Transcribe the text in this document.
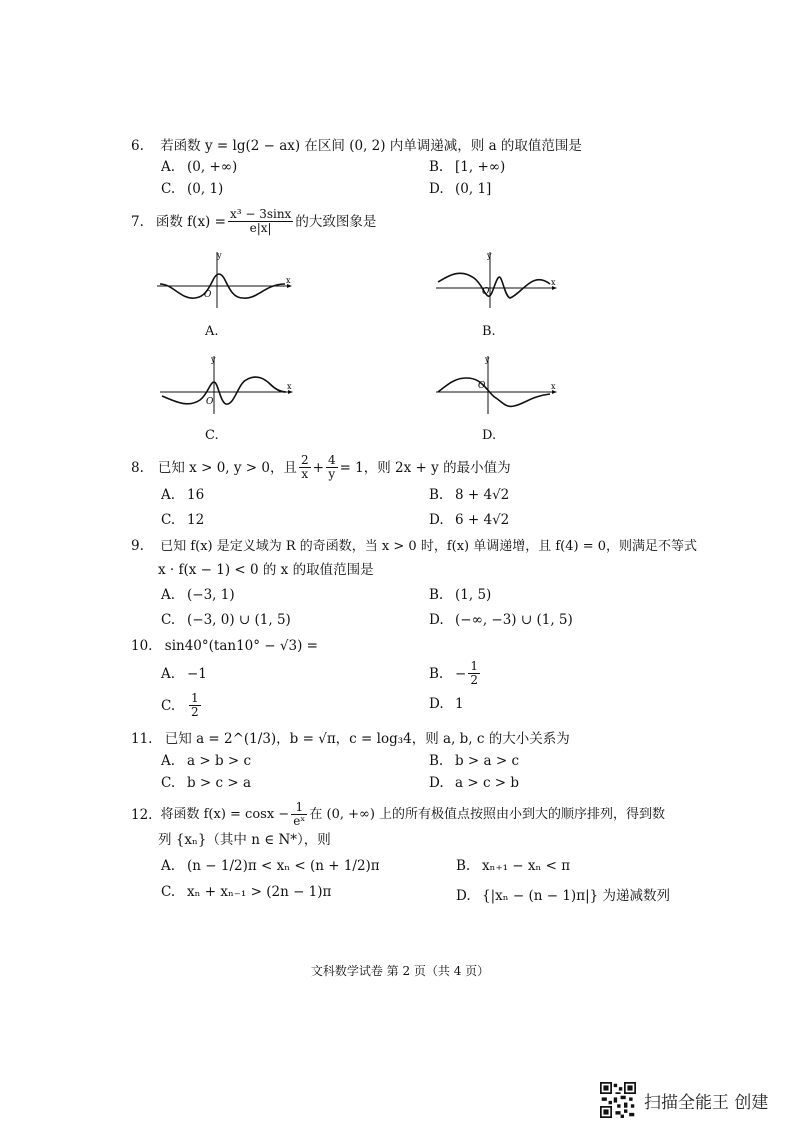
6. 若函数 y = lg(2 − ax) 在区间 (0, 2) 内单调递减，则 a 的取值范围是
A. (0, +∞)	B. [1, +∞)
C. (0, 1)	D. (0, 1]
7. 函数 $f(x) = \frac{\text{x³ − 3sinx}}{e|x|}$ 的大致图象是
y
x
O
A.
y
x
O
B.
y
x
O
C.
y
x
O
D.
8. 已知 x > 0, y > 0，且 $\frac{2}{x} + \frac{4}{y} = 1$，则 2x + y 的最小值为
A. 16	B. 8 + 4√2
C. 12	D. 6 + 4√2
9. 已知 f(x) 是定义域为 R 的奇函数，当 x > 0 时，f(x) 单调递增，且 f(4) = 0，则满足不等式
x · f(x − 1) < 0 的 x 的取值范围是
A. (−3, 1)	B. (1, 5)
C. (−3, 0) ∪ (1, 5)	D. (−∞, −3) ∪ (1, 5)
10. sin40°(tan10° − √3) =
A. −1	B. − $\frac{1}{2}$
C.	$\frac{1}{2}$	D. 1
11. 已知 a = 2^(1/3)，b = √π，c = log₃4，则 a, b, c 的大小关系为
A. a > b > c	B. b > a > c
C. b > c > a	D. a > c > b
12. 将函数 $f(x) = \cos x - \frac{1}{\text{eˣ}}$ 在 (0, +∞) 上的所有极值点按照由小到大的顺序排列，得到数
列 {xₙ}（其中 n ∈ N*），则
A. (n − 1/2)π < xₙ < (n + 1/2)π	B. xₙ₊₁ − xₙ < π
C. xₙ + xₙ₋₁ > (2n − 1)π	D. {|xₙ − (n − 1)π|} 为递减数列
文科数学试卷 第 2 页（共 4 页）
扫描全能王 创建
